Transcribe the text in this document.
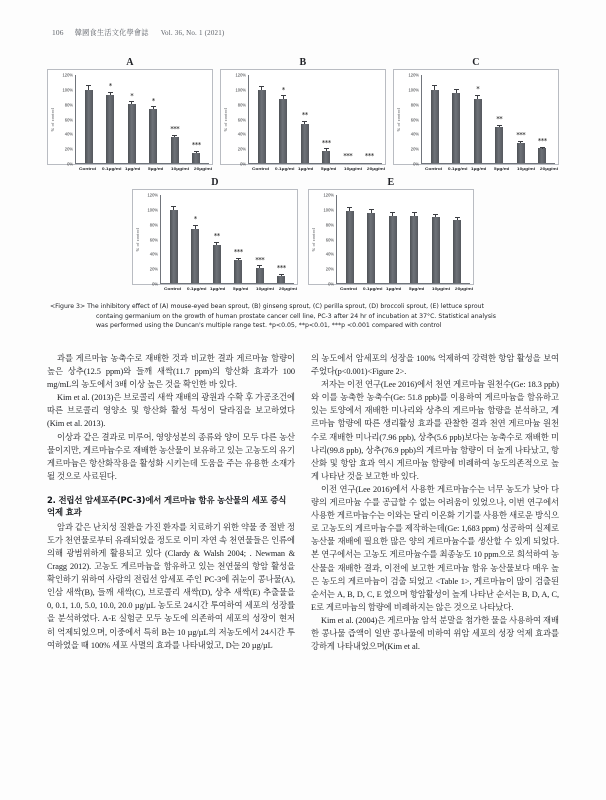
106 韓國食生活文化學會誌 Vol. 36, No. 1 (2021)
A
% of control
0%
20%
40%
60%
80%
100%
120%
*
*
*
***
***
Control 0.1µg/ml 1µg/ml 5µg/ml 10µg/ml 20µg/ml
B
% of control
0%
20%
40%
60%
80%
100%
120%
*
**
***
*** ***
Control 0.1µg/ml 1µg/ml 5µg/ml 10µg/ml 20µg/ml
C
% of control
0%
20%
40%
60%
80%
100%
120%
*
**
***
***
Control 0.1µg/ml 1µg/ml 5µg/ml 10µg/ml 20µg/ml
D
% of control
0%
20%
40%
60%
80%
100%
120%
*
**
***
***
***
Control 0.1µg/ml 1µg/ml 5µg/ml 10µg/ml 20µg/ml
E
% of control
0%
20%
40%
60%
80%
100%
120%
Control 0.1µg/ml 1µg/ml 5µg/ml 10µg/ml 20µg/ml
<Figure 3> The inhibitory effect of (A) mouse-eyed bean sprout, (B) ginseng sprout, (C) perilla sprout, (D) broccoli sprout, (E) lettuce sprout
containg germanium on the growth of human prostate cancer cell line, PC-3 after 24 hr of incubation at 37°C. Statistical analysis
was performed using the Duncan's multiple range test. *p<0.05, **p<0.01, ***p <0.001 compared with control

과를 게르마늄 농축수로 재배한 것과 비교한 결과 게르마늄 함량이 높은 상추(12.5 ppm)와 들깨 새싹(11.7 ppm)의 항산화 효과가 100 mg/mL의 농도에서 3배 이상 높은 것을 확인한 바 있다.

Kim et al. (2013)은 브로콜리 새싹 재배의 광원과 수확 후 가공조건에 따른 브로콜리 영양소 및 항산화 활성 특성이 달라짐을 보고하였다(Kim et al. 2013).

이상과 같은 결과로 미루어, 영양성분의 종류와 양이 모두 다른 농산물이지만, 게르마늄수로 재배한 농산물이 보유하고 있는 고농도의 유기 게르마늄은 항산화작용을 활성화 시키는데 도움을 주는 유용한 소재가 될 것으로 사료된다.

2. 전립선 암세포주(PC-3)에서 게르마늄 함유 농산물의 세포 증식 억제 효과

암과 같은 난치성 질환을 가진 환자를 치료하기 위한 약물 중 절반 정도가 천연물로부터 유래되었을 정도로 이미 자연 속 천연물들은 인류에 의해 광범위하게 활용되고 있다 (Clardy & Walsh 2004; . Newman & Cragg 2012). 고농도 게르마늄을 함유하고 있는 천연물의 항암 활성을 확인하기 위하여 사람의 전립선 암세포 주인 PC-3에 쥐눈이 콩나물(A), 인삼 새싹(B), 들깨 새싹(C), 브로콜리 새싹(D), 상추 새싹(E) 추출물을 0, 0.1, 1.0, 5.0, 10.0, 20.0 µg/µL 농도로 24시간 투여하여 세포의 성장률을 분석하였다. A-E 실험군 모두 농도에 의존하여 세포의 성장이 현저히 억제되었으며, 이중에서 특히 B는 10 µg/µL의 저농도에서 24시간 투여하였을 때 100% 세포 사멸의 효과를 나타내었고, D는 20 µg/µL

의 농도에서 암세포의 성장을 100% 억제하여 강력한 항암 활성을 보여주었다(p<0.001)<Figure 2>.

저자는 이전 연구(Lee 2016)에서 천연 게르마늄 원천수(Ge: 18.3 ppb)와 이를 농축한 농축수(Ge: 51.8 ppb)를 이용하여 게르마늄을 함유하고 있는 토양에서 재배한 미나리와 상추의 게르마늄 함량을 분석하고, 게르마늄 함량에 따른 생리활성 효과를 관찰한 결과 천연 게르마늄 원천수로 재배한 미나리(7.96 ppb), 상추(5.6 ppb)보다는 농축수로 재배한 미나리(99.8 ppb), 상추(76.9 ppb)의 게르마늄 함량이 더 높게 나타났고, 항산화 및 항암 효과 역시 게르마늄 함량에 비례하여 농도의존적으로 높게 나타난 것을 보고한 바 있다.

이전 연구(Lee 2016)에서 사용한 게르마늄수는 너무 농도가 낮아 다량의 게르마늄 수를 공급할 수 없는 어려움이 있었으나, 이번 연구에서 사용한 게르마늄수는 이와는 달리 이온화 기기를 사용한 새로운 방식으로 고농도의 게르마늄수를 제작하는데(Ge: 1,683 ppm) 성공하여 실제로 농산물 재배에 필요한 많은 양의 게르마늄수를 생산할 수 있게 되었다. 본 연구에서는 고농도 게르마늄수를 최종농도 10 ppm으로 희석하여 농산물을 재배한 결과, 이전에 보고한 게르마늄 함유 농산물보다 매우 높은 농도의 게르마늄이 검출 되었고 <Table 1>, 게르마늄이 많이 검출된 순서는 A, B, D, C, E 였으며 항암활성이 높게 나타난 순서는 B, D, A, C, E로 게르마늄의 함량에 비례하지는 않은 것으로 나타났다.

Kim et al. (2004)은 게르마늄 암석 분말을 첨가한 물을 사용하여 재배한 콩나물 즙액이 일반 콩나물에 비하여 위암 세포의 성장 억제 효과를 강하게 나타내었으며(Kim et al.
